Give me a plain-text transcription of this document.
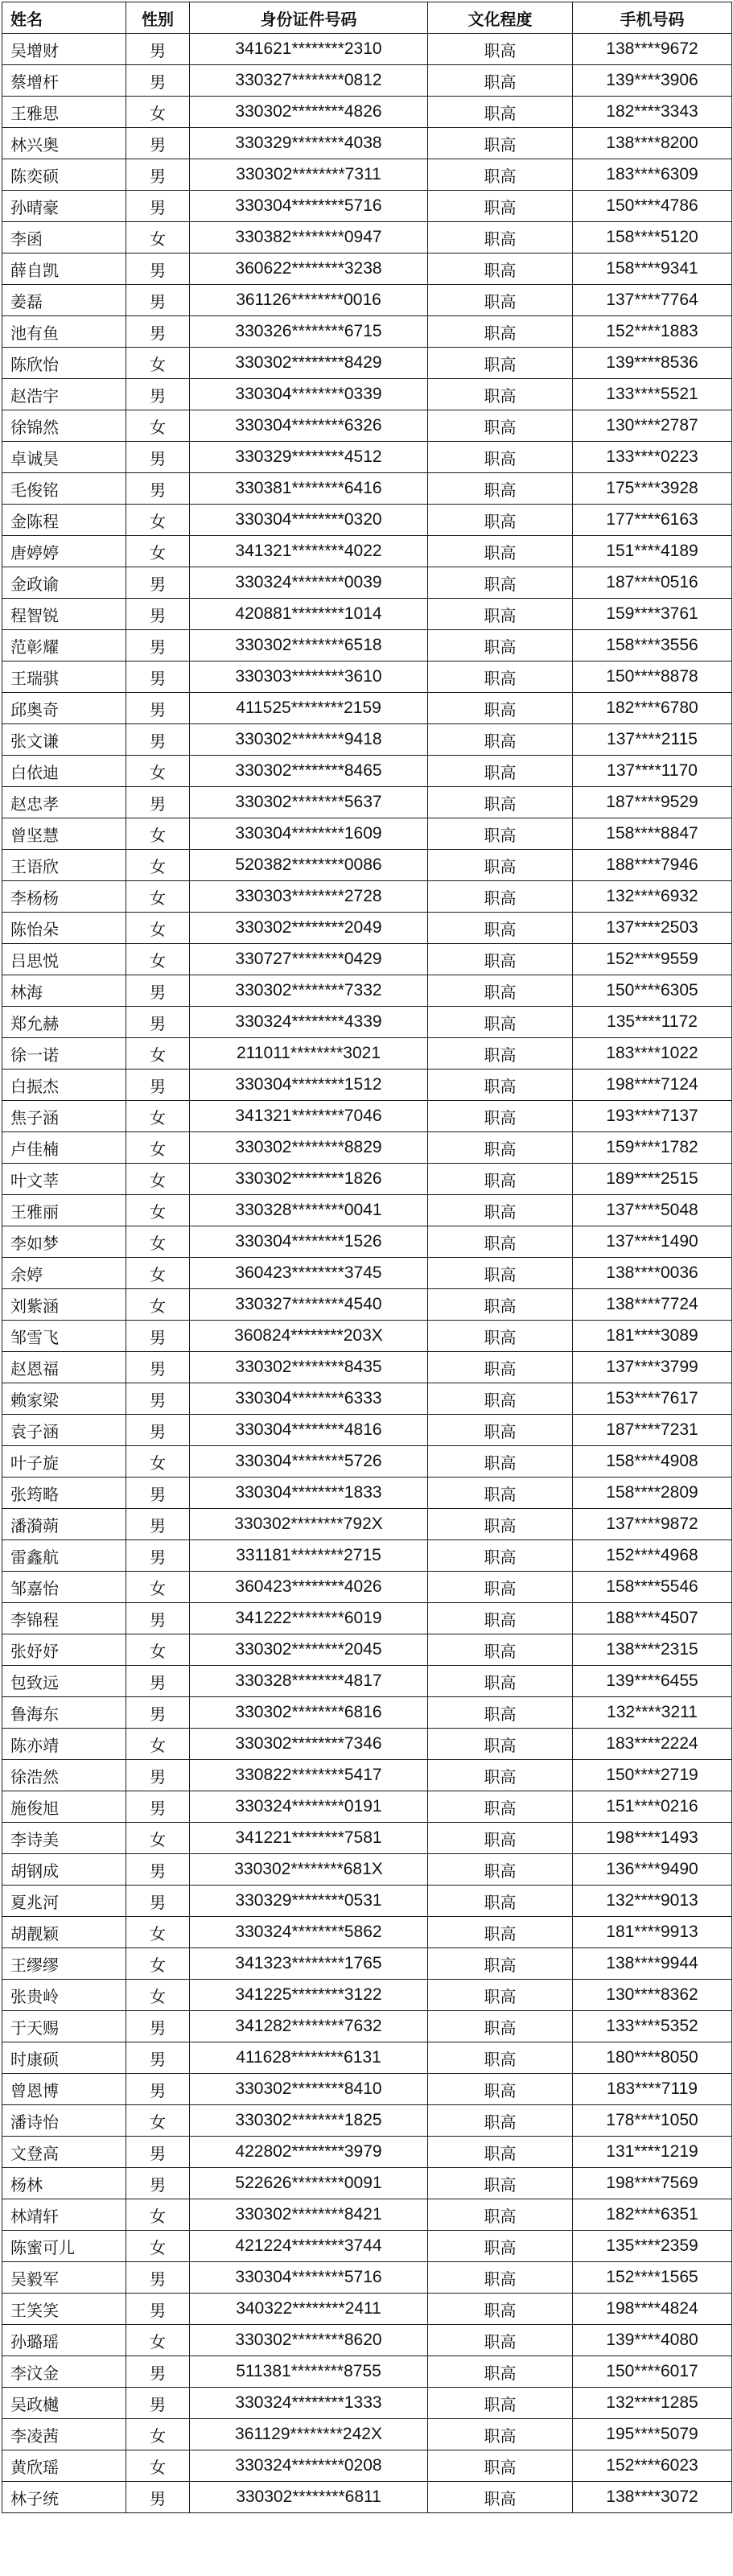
姓名	性别	身份证件号码	文化程度	手机号码
吴增财	男	341621********2310	职高	138****9672
蔡增杆	男	330327********0812	职高	139****3906
王雅思	女	330302********4826	职高	182****3343
林兴奥	男	330329********4038	职高	138****8200
陈奕硕	男	330302********7311	职高	183****6309
孙晴豪	男	330304********5716	职高	150****4786
李函	女	330382********0947	职高	158****5120
薛自凯	男	360622********3238	职高	158****9341
姜磊	男	361126********0016	职高	137****7764
池有鱼	男	330326********6715	职高	152****1883
陈欣怡	女	330302********8429	职高	139****8536
赵浩宇	男	330304********0339	职高	133****5521
徐锦然	女	330304********6326	职高	130****2787
卓诚昊	男	330329********4512	职高	133****0223
毛俊铭	男	330381********6416	职高	175****3928
金陈程	女	330304********0320	职高	177****6163
唐婷婷	女	341321********4022	职高	151****4189
金政谕	男	330324********0039	职高	187****0516
程智锐	男	420881********1014	职高	159****3761
范彰耀	男	330302********6518	职高	158****3556
王瑞骐	男	330303********3610	职高	150****8878
邱奥奇	男	411525********2159	职高	182****6780
张文谦	男	330302********9418	职高	137****2115
白依迪	女	330302********8465	职高	137****1170
赵忠孝	男	330302********5637	职高	187****9529
曾坚慧	女	330304********1609	职高	158****8847
王语欣	女	520382********0086	职高	188****7946
李杨杨	女	330303********2728	职高	132****6932
陈怡朵	女	330302********2049	职高	137****2503
吕思悦	女	330727********0429	职高	152****9559
林海	男	330302********7332	职高	150****6305
郑允赫	男	330324********4339	职高	135****1172
徐一诺	女	211011********3021	职高	183****1022
白振杰	男	330304********1512	职高	198****7124
焦子涵	女	341321********7046	职高	193****7137
卢佳楠	女	330302********8829	职高	159****1782
叶文莘	女	330302********1826	职高	189****2515
王雅丽	女	330328********0041	职高	137****5048
李如梦	女	330304********1526	职高	137****1490
余婷	女	360423********3745	职高	138****0036
刘紫涵	女	330327********4540	职高	138****7724
邹雪飞	男	360824********203X	职高	181****3089
赵恩福	男	330302********8435	职高	137****3799
赖家梁	男	330304********6333	职高	153****7617
袁子涵	男	330304********4816	职高	187****7231
叶子旋	女	330304********5726	职高	158****4908
张筠略	男	330304********1833	职高	158****2809
潘漪蒴	男	330302********792X	职高	137****9872
雷鑫航	男	331181********2715	职高	152****4968
邹嘉怡	女	360423********4026	职高	158****5546
李锦程	男	341222********6019	职高	188****4507
张妤妤	女	330302********2045	职高	138****2315
包致远	男	330328********4817	职高	139****6455
鲁海东	男	330302********6816	职高	132****3211
陈亦靖	女	330302********7346	职高	183****2224
徐浩然	男	330822********5417	职高	150****2719
施俊旭	男	330324********0191	职高	151****0216
李诗美	女	341221********7581	职高	198****1493
胡钢成	男	330302********681X	职高	136****9490
夏兆河	男	330329********0531	职高	132****9013
胡靓颖	女	330324********5862	职高	181****9913
王缪缪	女	341323********1765	职高	138****9944
张贵岭	女	341225********3122	职高	130****8362
于天赐	男	341282********7632	职高	133****5352
时康硕	男	411628********6131	职高	180****8050
曾恩博	男	330302********8410	职高	183****7119
潘诗怡	女	330302********1825	职高	178****1050
文登高	男	422802********3979	职高	131****1219
杨林	男	522626********0091	职高	198****7569
林靖轩	女	330302********8421	职高	182****6351
陈蜜可儿	女	421224********3744	职高	135****2359
吴毅军	男	330304********5716	职高	152****1565
王笑笑	男	340322********2411	职高	198****4824
孙璐瑶	女	330302********8620	职高	139****4080
李汶金	男	511381********8755	职高	150****6017
吴政樾	男	330324********1333	职高	132****1285
李凌茜	女	361129********242X	职高	195****5079
黄欣瑶	女	330324********0208	职高	152****6023
林子统	男	330302********6811	职高	138****3072
